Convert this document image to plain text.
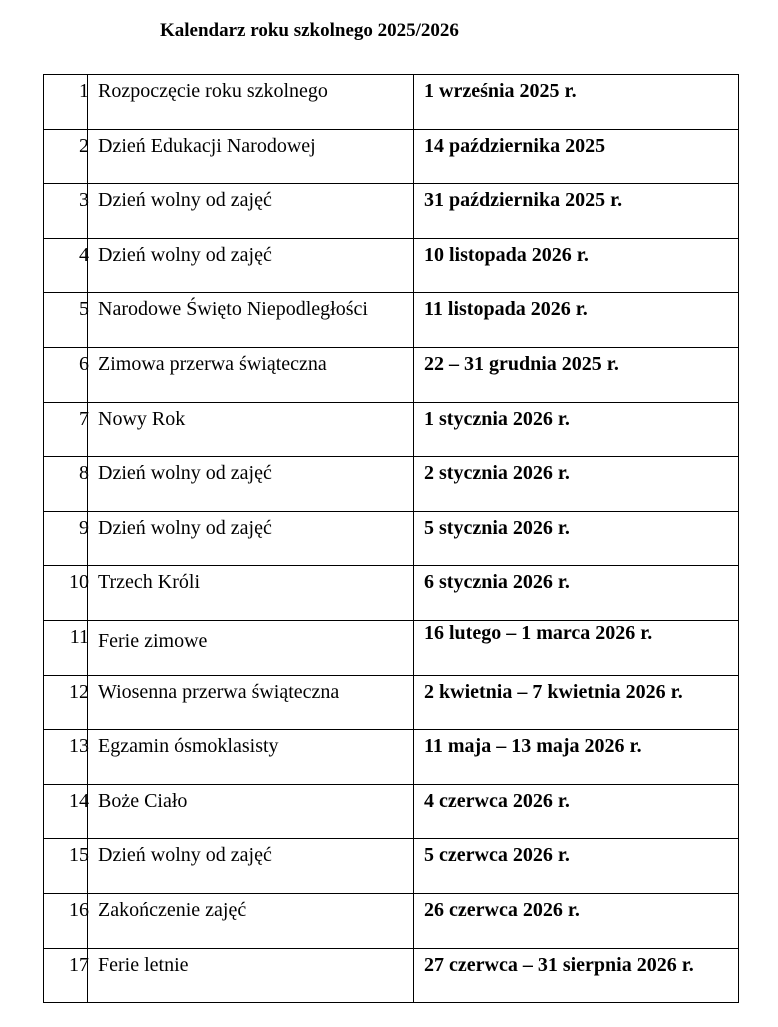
Kalendarz roku szkolnego 2025/2026
1	Rozpoczęcie roku szkolnego	1 września 2025 r.
2	Dzień Edukacji Narodowej	14 października 2025
3	Dzień wolny od zajęć	31 października 2025 r.
4	Dzień wolny od zajęć	10 listopada 2026 r.
5	Narodowe Święto Niepodległości	11 listopada 2026 r.
6	Zimowa przerwa świąteczna	22 – 31 grudnia 2025 r.
7	Nowy Rok	1 stycznia 2026 r.
8	Dzień wolny od zajęć	2 stycznia 2026 r.
9	Dzień wolny od zajęć	5 stycznia 2026 r.
10	Trzech Króli	6 stycznia 2026 r.
11	Ferie zimowe	16 lutego – 1 marca 2026 r.
12	Wiosenna przerwa świąteczna	2 kwietnia – 7 kwietnia 2026 r.
13	Egzamin ósmoklasisty	11 maja – 13 maja 2026 r.
14	Boże Ciało	4 czerwca 2026 r.
15	Dzień wolny od zajęć	5 czerwca 2026 r.
16	Zakończenie zajęć	26 czerwca 2026 r.
17	Ferie letnie	27 czerwca – 31 sierpnia 2026 r.
